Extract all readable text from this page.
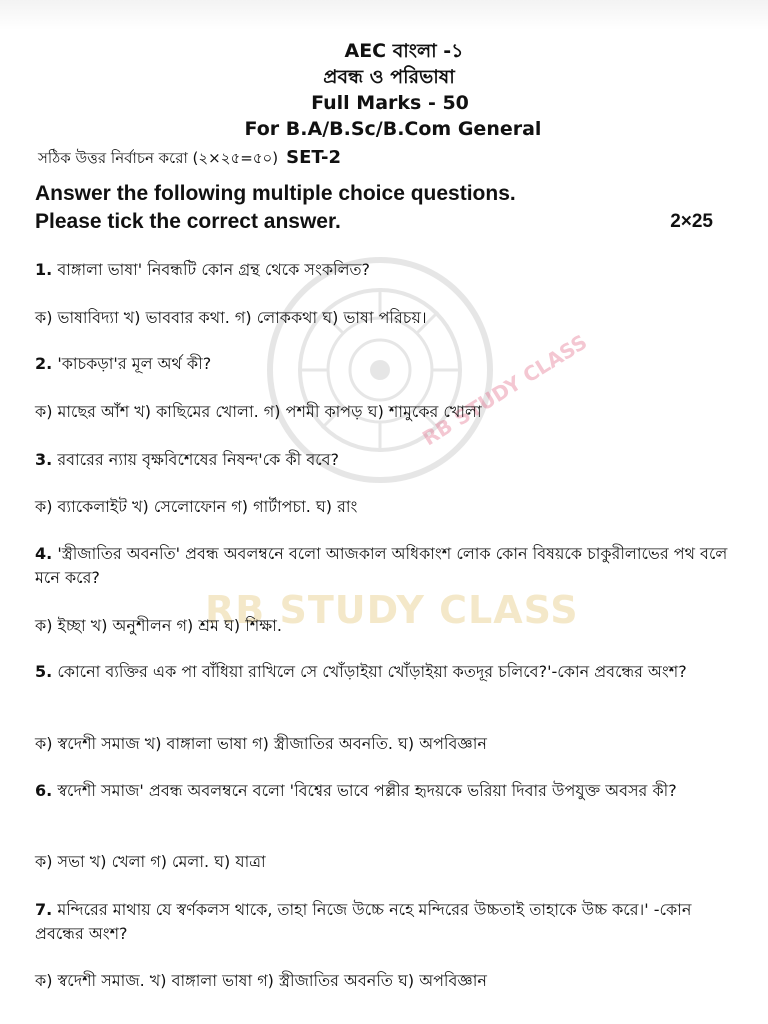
RB STUDY CLASS
RB STUDY CLASS
AEC বাংলা -১
প্রবন্ধ ও পরিভাষা
Full Marks - 50
For B.A/B.Sc/B.Com General
সঠিক উত্তর নির্বাচন করো (২×২৫=৫০) SET-2
Answer the following multiple choice questions.
Please tick the correct answer.	2×25
1. বাঙ্গালা ভাষা' নিবন্ধটি কোন গ্রন্থ থেকে সংকলিত?
ক) ভাষাবিদ্যা খ) ভাববার কথা. গ) লোককথা ঘ) ভাষা পরিচয়।
2. 'কাচকড়া'র মূল অর্থ কী?
ক) মাছের আঁশ খ) কাছিমের খোলা. গ) পশমী কাপড় ঘ) শামুকের খোলা
3. রবারের ন্যায় বৃক্ষবিশেষের নিষন্দ'কে কী ববে?
ক) ব্যাকেলাইট খ) সেলোফোন গ) গার্টাপচা. ঘ) রাং
4. 'স্ত্রীজাতির অবনতি' প্রবন্ধ অবলম্বনে বলো আজকাল অধিকাংশ লোক কোন বিষয়কে চাকুরীলাভের পথ বলে মনে করে?
ক) ইচ্ছা খ) অনুশীলন গ) শ্রম ঘ) শিক্ষা.
5. কোনো ব্যক্তির এক পা বাঁধিয়া রাখিলে সে খোঁড়াইয়া খোঁড়াইয়া কতদূর চলিবে?'-কোন প্রবন্ধের অংশ?
ক) স্বদেশী সমাজ খ) বাঙ্গালা ভাষা গ) স্ত্রীজাতির অবনতি. ঘ) অপবিজ্ঞান
6. স্বদেশী সমাজ' প্রবন্ধ অবলম্বনে বলো 'বিশ্বের ভাবে পল্লীর হৃদয়কে ভরিয়া দিবার উপযুক্ত অবসর কী?
ক) সভা খ) খেলা গ) মেলা. ঘ) যাত্রা
7. মন্দিরের মাথায় যে স্বর্ণকলস থাকে, তাহা নিজে উচ্চে নহে মন্দিরের উচ্চতাই তাহাকে উচ্চ করে।' -কোন প্রবন্ধের অংশ?
ক) স্বদেশী সমাজ. খ) বাঙ্গালা ভাষা গ) স্ত্রীজাতির অবনতি ঘ) অপবিজ্ঞান
